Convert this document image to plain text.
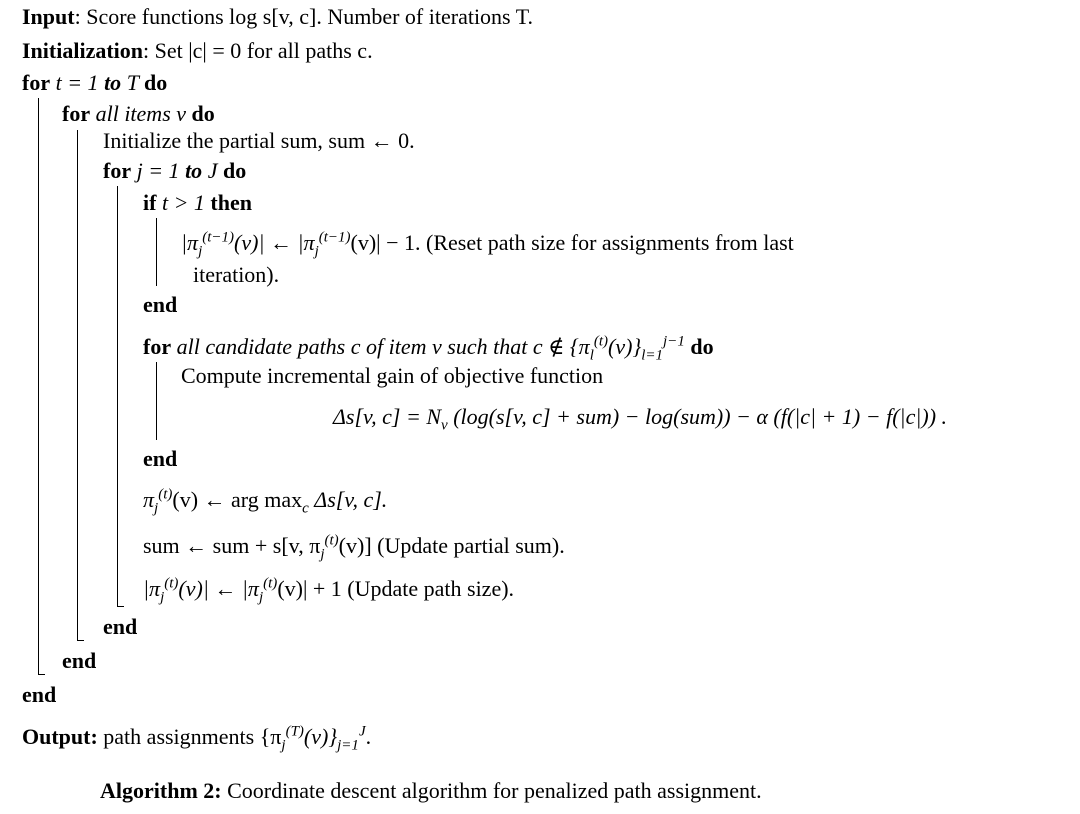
Input: Score functions log s[v, c]. Number of iterations T.
Initialization: Set |c| = 0 for all paths c.
for t = 1 to T do
for all items v do
Initialize the partial sum, sum ← 0.
for j = 1 to J do
if t > 1 then
$|\pi_j^{(t-1)}(v)|$ ← $|\pi_j^{(t-1)}(v)| - 1$. (Reset path size for assignments from last
iteration).
end
for all candidate paths c of item v such that c ∉ $\{\pi_l^{(t)}(v)\}_{l=1}^{j-1}$ do
Compute incremental gain of objective function
Δs[v, $c] = N_v$ (log(s[v, c] + sum) − log(sum)) − α (f(|c| + 1) − f(|c|)) .
end
$\pi_j^{(t)}(v)$ ← arg $\max_c \Delta s[v$, c].
sum ← sum + s[v, $\pi_j^{(t)}(v)$] (Update partial sum).
$|\pi_j^{(t)}(v)|$ ← $|\pi_j^{(t)}(v)| + 1$ (Update path size).
end
end
end
Output: path assignments $\{\pi_j^{(T)}(v)\}_{j=1}^J$.
Algorithm 2: Coordinate descent algorithm for penalized path assignment.
